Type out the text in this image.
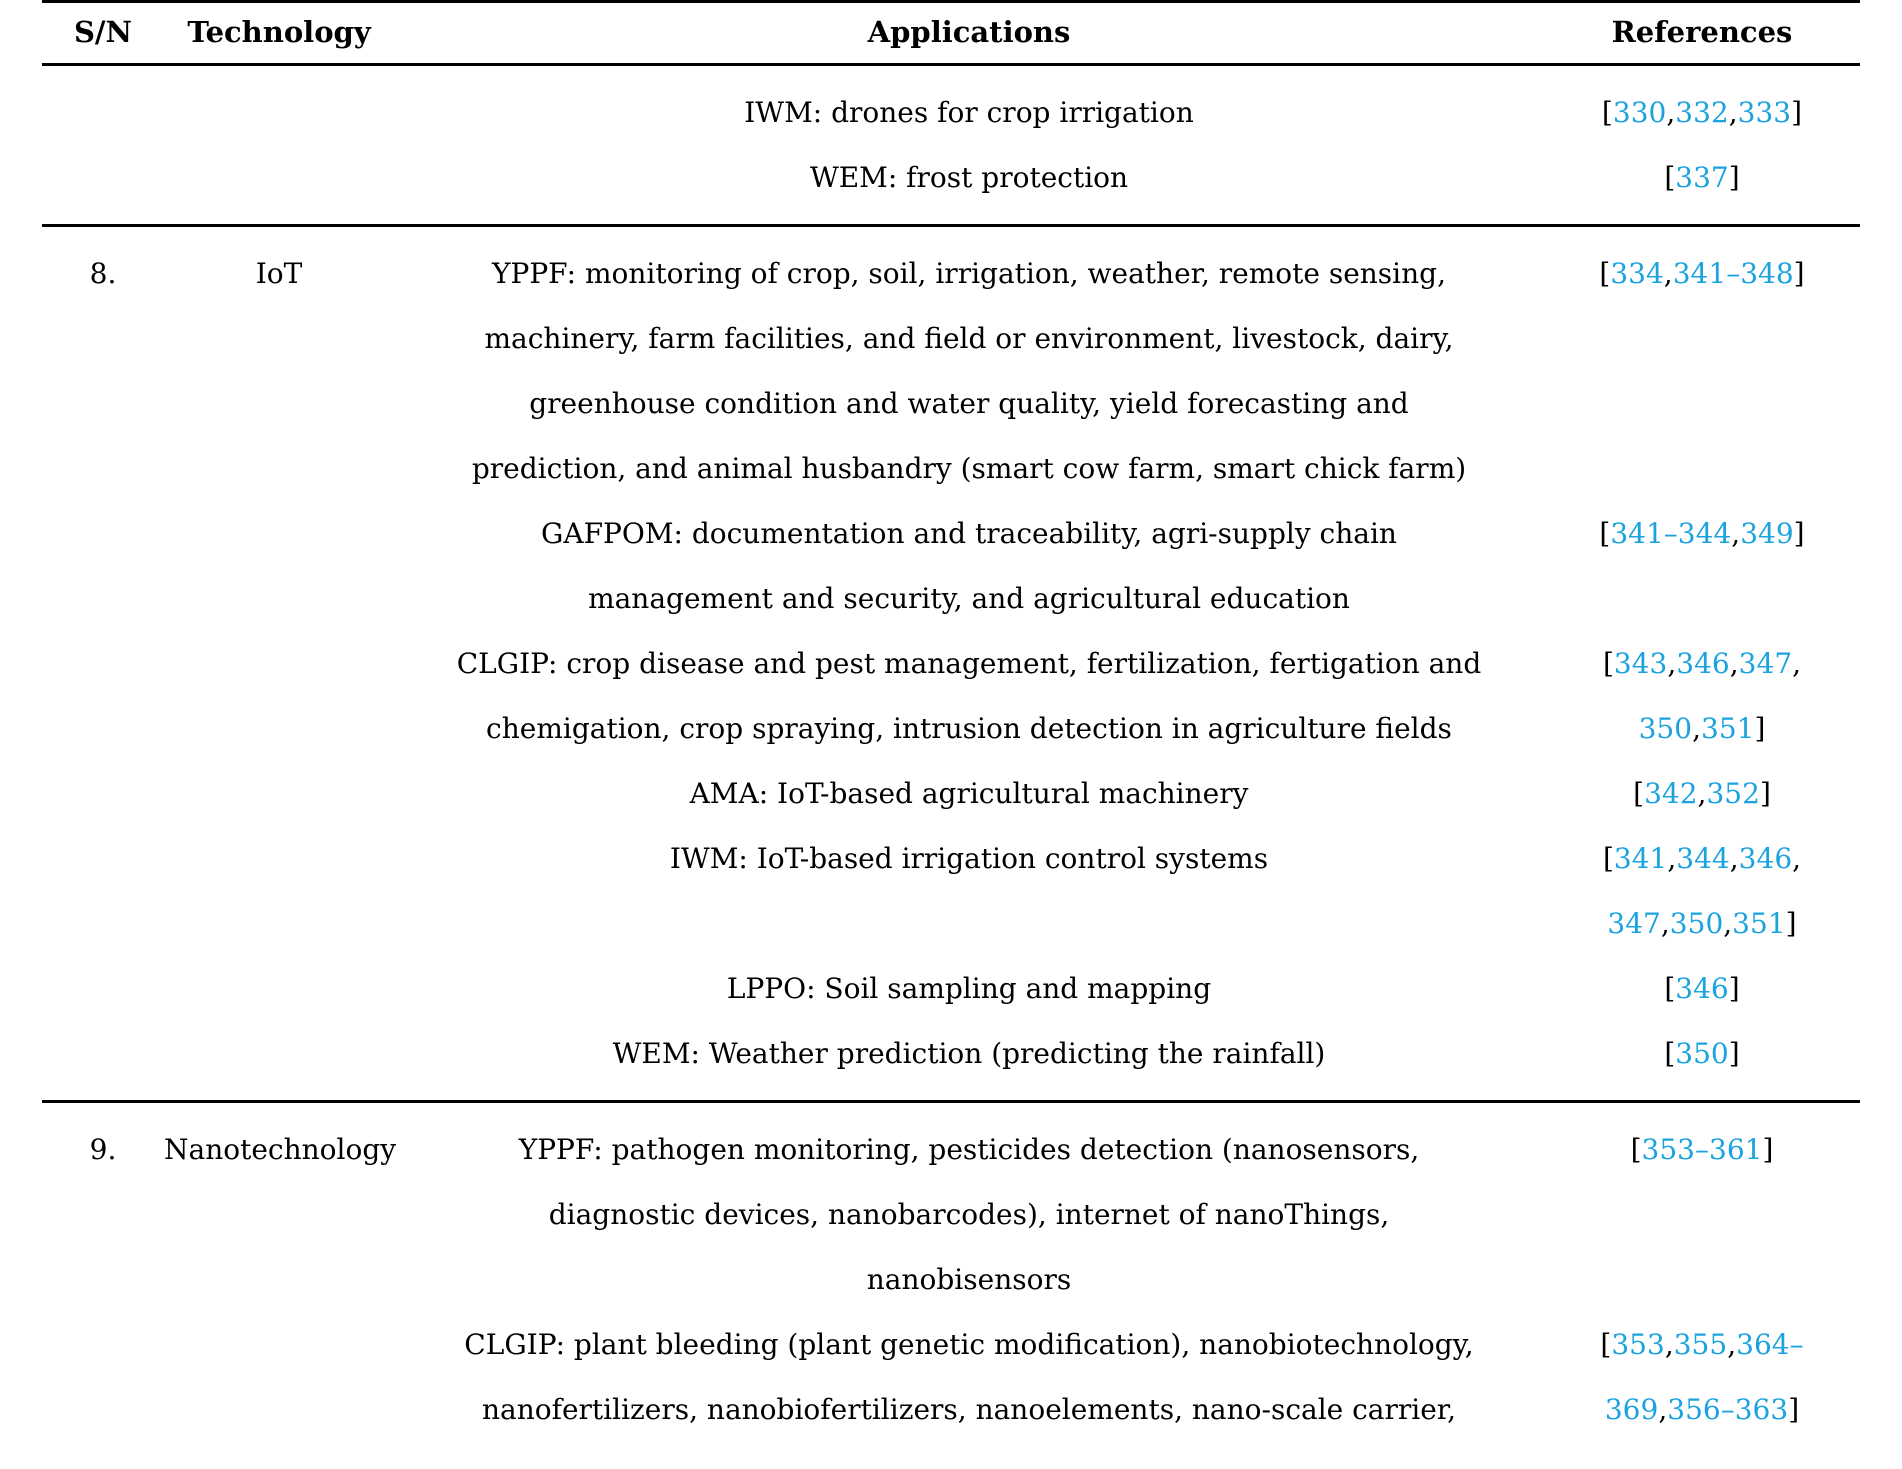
S/N	Technology	Applications	References

		IWM: drones for crop irrigation	[330,332,333]

		WEM: frost protection	[337]

8.	IoT	YPPF: monitoring of crop, soil, irrigation, weather, remote sensing,
machinery, farm facilities, and field or environment, livestock, dairy,
greenhouse condition and water quality, yield forecasting and
prediction, and animal husbandry (smart cow farm, smart chick farm)	[334,341–348]

		GAFPOM: documentation and traceability, agri-supply chain
management and security, and agricultural education	[341–344,349]

		CLGIP: crop disease and pest management, fertilization, fertigation and
chemigation, crop spraying, intrusion detection in agriculture fields	[343,346,347,
350,351]

		AMA: IoT-based agricultural machinery	[342,352]

		IWM: IoT-based irrigation control systems	[341,344,346,
347,350,351]

		LPPO: Soil sampling and mapping	[346]

		WEM: Weather prediction (predicting the rainfall)	[350]

9.	Nanotechnology	YPPF: pathogen monitoring, pesticides detection (nanosensors,
diagnostic devices, nanobarcodes), internet of nanoThings,
nanobisensors	[353–361]

		CLGIP: plant bleeding (plant genetic modification), nanobiotechnology,
nanofertilizers, nanobiofertilizers, nanoelements, nano-scale carrier,	[353,355,364–
369,356–363]
